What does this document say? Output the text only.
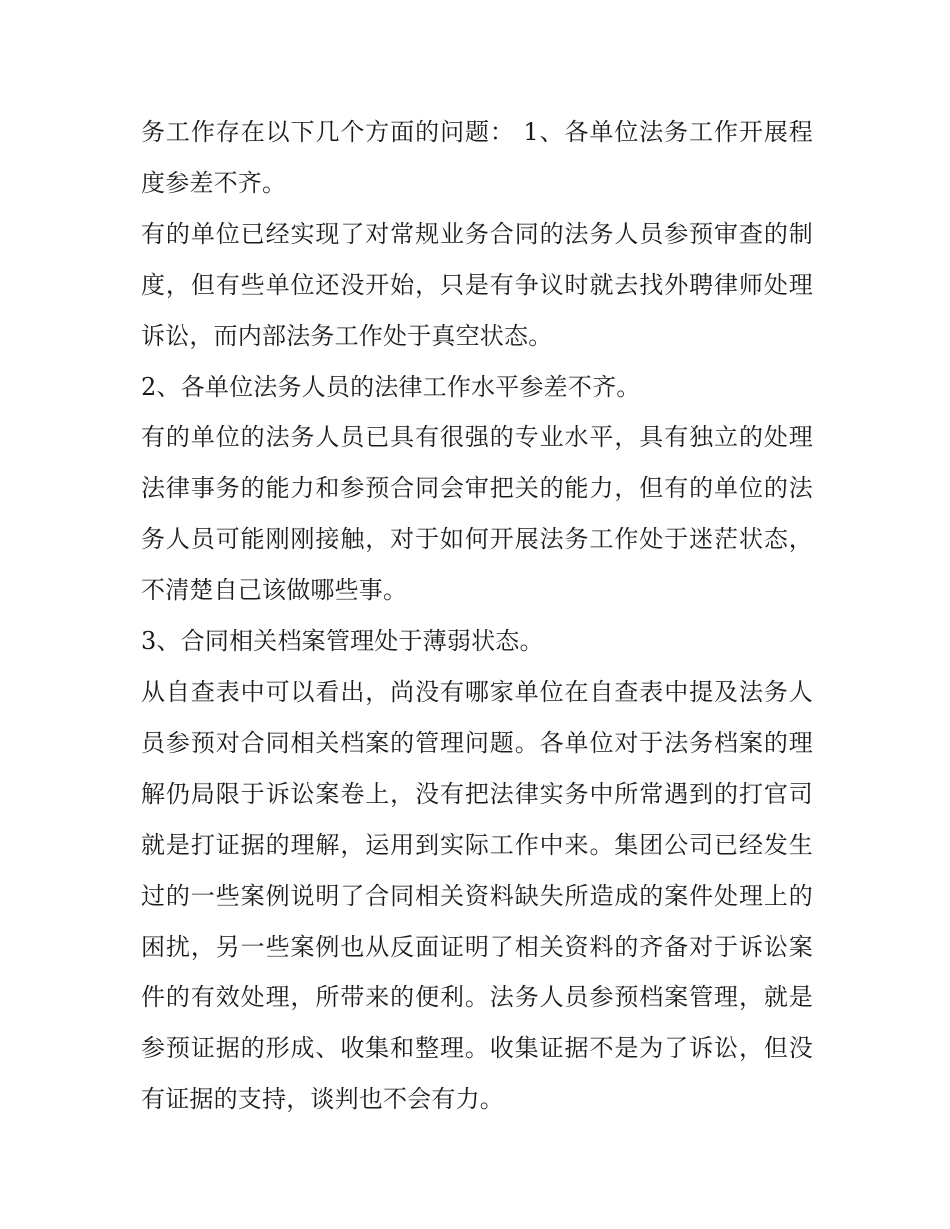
务工作存在以下几个方面的问题： 1、各单位法务工作开展程度参差不齐。

有的单位已经实现了对常规业务合同的法务人员参预审查的制度，但有些单位还没开始，只是有争议时就去找外聘律师处理诉讼，而内部法务工作处于真空状态。

2、各单位法务人员的法律工作水平参差不齐。

有的单位的法务人员已具有很强的专业水平，具有独立的处理法律事务的能力和参预合同会审把关的能力，但有的单位的法务人员可能刚刚接触，对于如何开展法务工作处于迷茫状态，不清楚自己该做哪些事。

3、合同相关档案管理处于薄弱状态。

从自查表中可以看出，尚没有哪家单位在自查表中提及法务人员参预对合同相关档案的管理问题。各单位对于法务档案的理解仍局限于诉讼案卷上，没有把法律实务中所常遇到的打官司就是打证据的理解，运用到实际工作中来。集团公司已经发生过的一些案例说明了合同相关资料缺失所造成的案件处理上的困扰，另一些案例也从反面证明了相关资料的齐备对于诉讼案件的有效处理，所带来的便利。法务人员参预档案管理，就是参预证据的形成、收集和整理。收集证据不是为了诉讼，但没有证据的支持，谈判也不会有力。
